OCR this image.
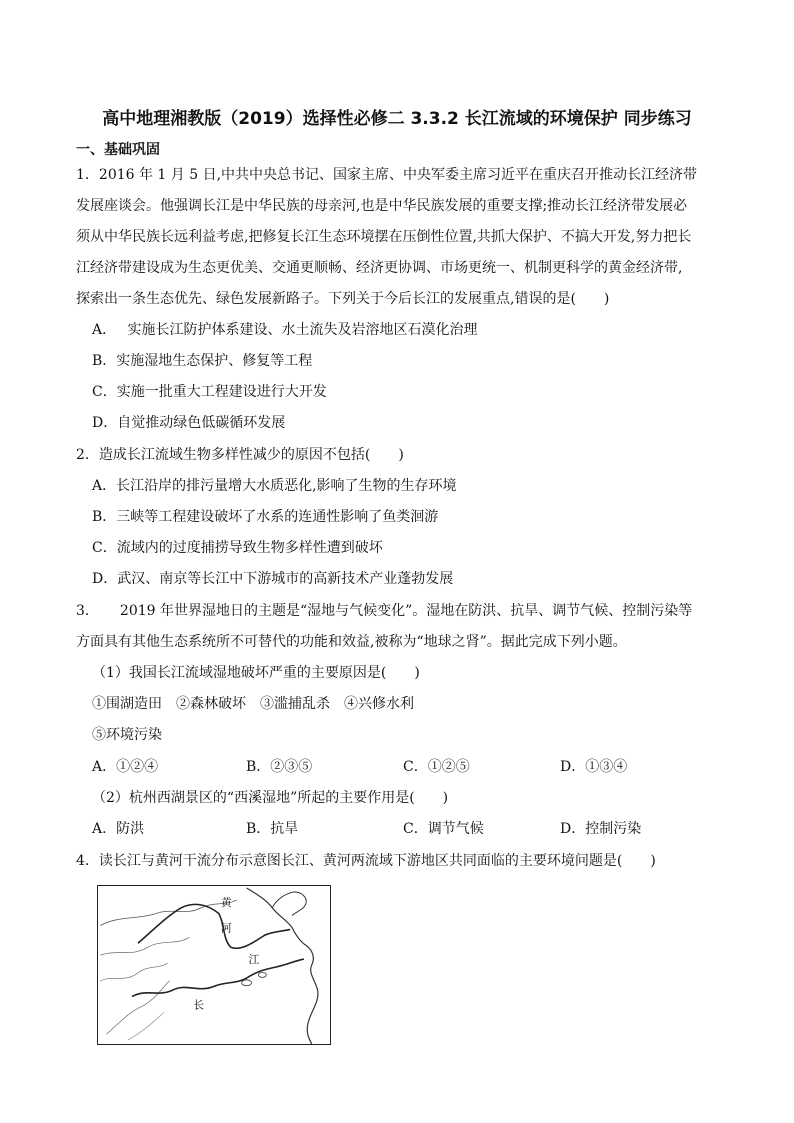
高中地理湘教版（2019）选择性必修二 3.3.2 长江流域的环境保护 同步练习
一、基础巩固
1．2016 年 1 月 5 日,中共中央总书记、国家主席、中央军委主席习近平在重庆召开推动长江经济带
发展座谈会。他强调长江是中华民族的母亲河,也是中华民族发展的重要支撑;推动长江经济带发展必
须从中华民族长远利益考虑,把修复长江生态环境摆在压倒性位置,共抓大保护、不搞大开发,努力把长
江经济带建设成为生态更优美、交通更顺畅、经济更协调、市场更统一、机制更科学的黄金经济带,
探索出一条生态优先、绿色发展新路子。下列关于今后长江的发展重点,错误的是(　　)
A．　 实施长江防护体系建设、水土流失及岩溶地区石漠化治理
B．实施湿地生态保护、修复等工程
C．实施一批重大工程建设进行大开发
D．自觉推动绿色低碳循环发展
2．造成长江流域生物多样性减少的原因不包括(　　)
A．长江沿岸的排污量增大水质恶化,影响了生物的生存环境
B．三峡等工程建设破坏了水系的连通性影响了鱼类洄游
C．流域内的过度捕捞导致生物多样性遭到破坏
D．武汉、南京等长江中下游城市的高新技术产业蓬勃发展
3．　　2019 年世界湿地日的主题是“湿地与气候变化”。湿地在防洪、抗旱、调节气候、控制污染等
方面具有其他生态系统所不可替代的功能和效益,被称为“地球之肾”。据此完成下列小题。
（1）我国长江流域湿地破坏严重的主要原因是(　　)
①围湖造田　②森林破坏　③滥捕乱杀　④兴修水利
⑤环境污染
A．①②④	B．②③⑤	C．①②⑤	D．①③④
（2）杭州西湖景区的“西溪湿地”所起的主要作用是(　　)
A．防洪	B．抗旱	C．调节气候	D．控制污染
4．读长江与黄河干流分布示意图长江、黄河两流域下游地区共同面临的主要环境问题是(　　)
黄
河
长
江
